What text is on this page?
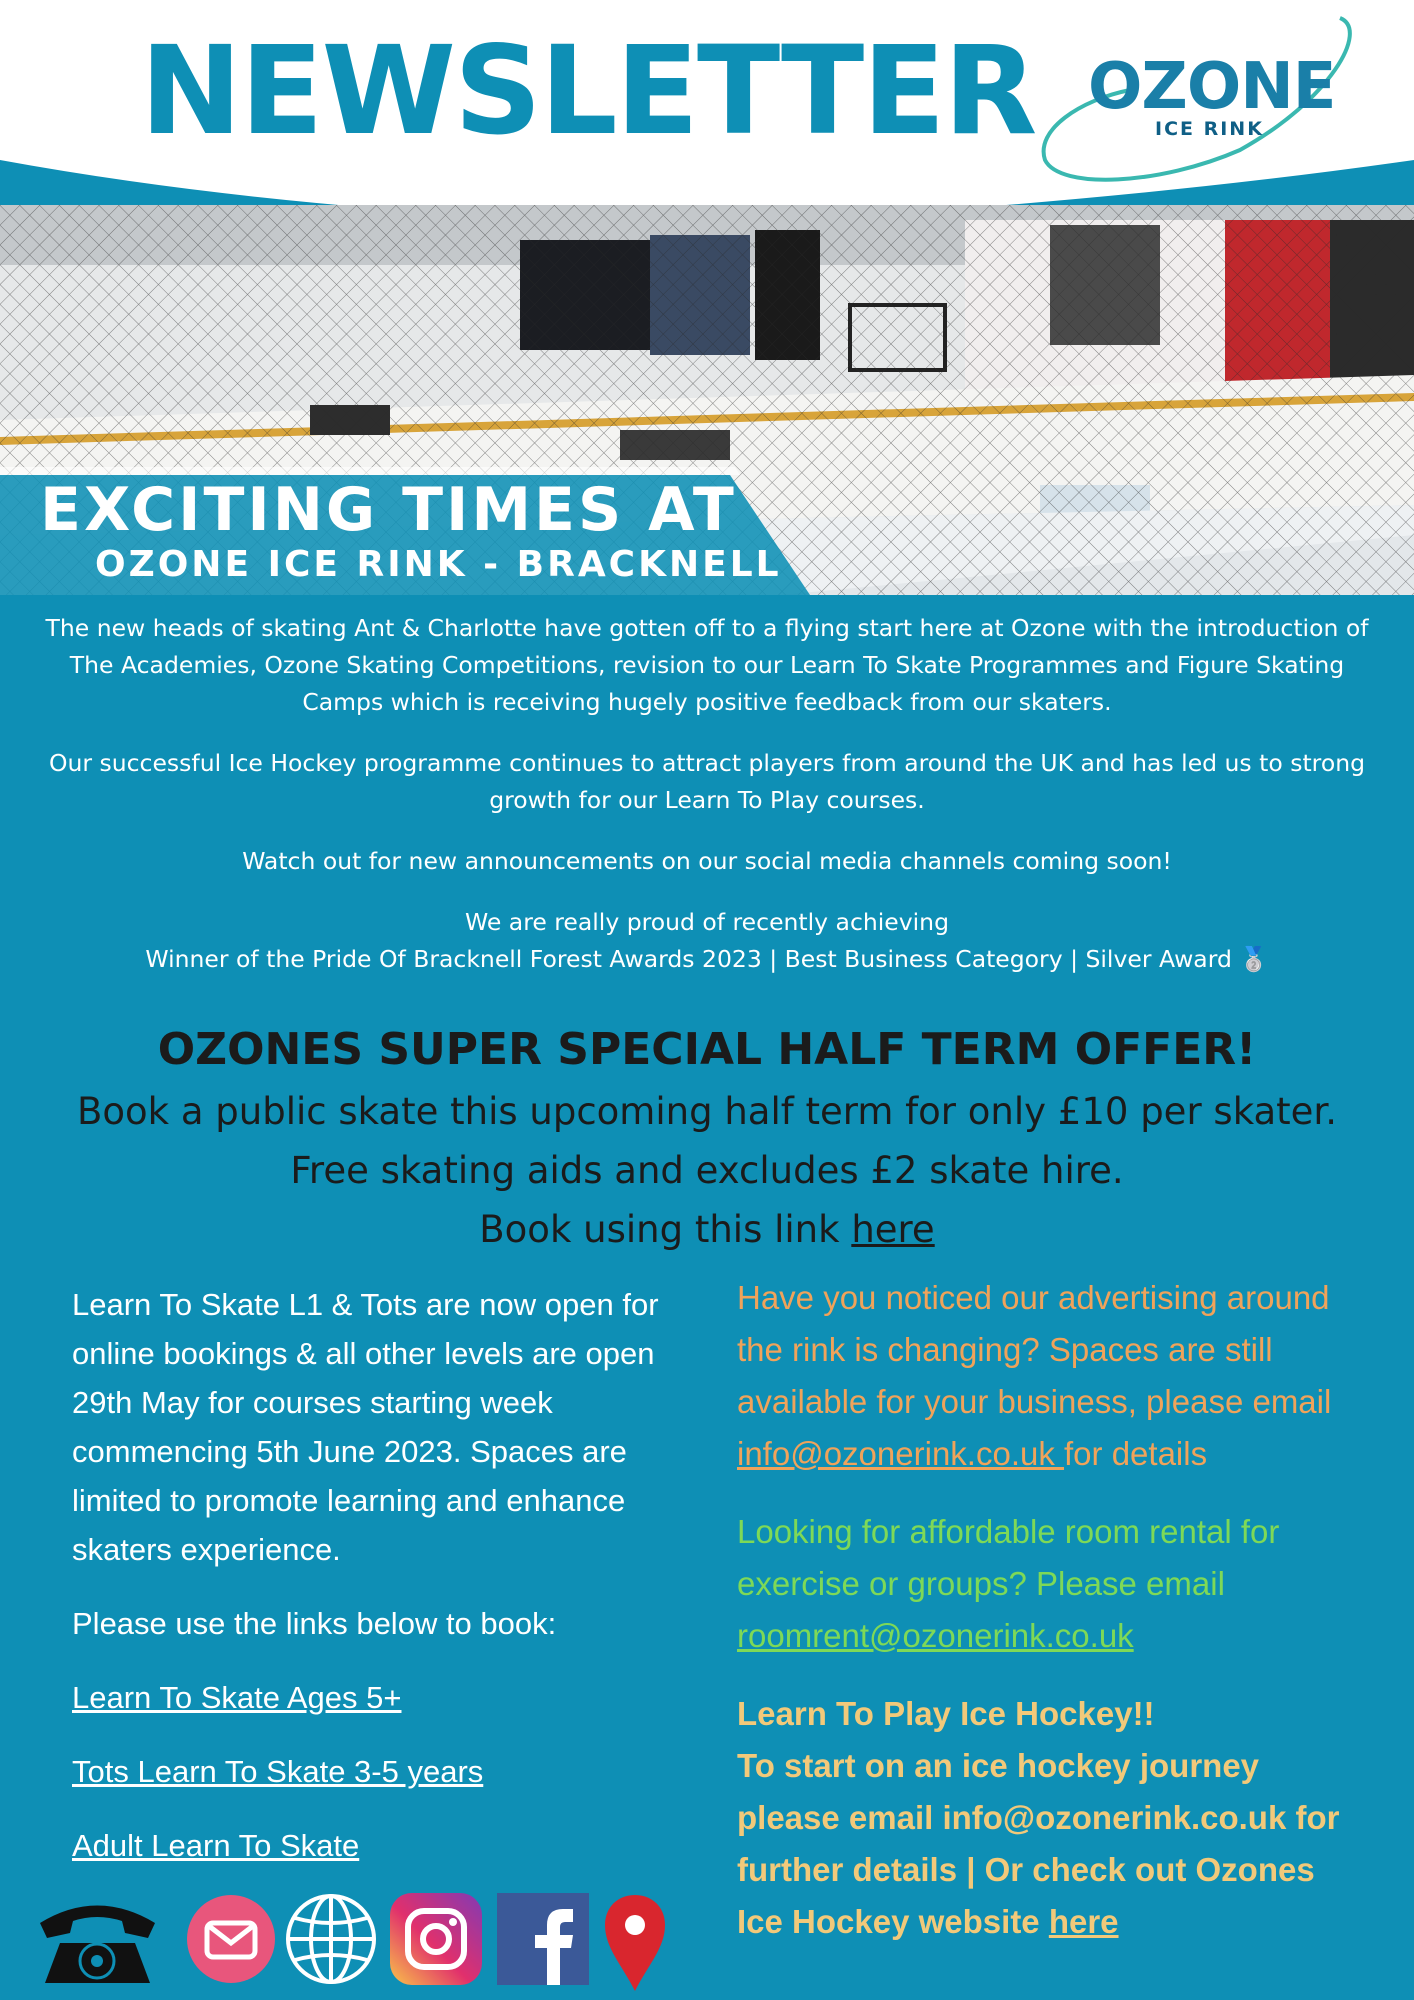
NEWSLETTER OZONE
ICE RINK
EXCITING TIMES AT
OZONE ICE RINK - BRACKNELL

The new heads of skating Ant & Charlotte have gotten off to a flying start here at Ozone with the introduction of The Academies, Ozone Skating Competitions, revision to our Learn To Skate Programmes and Figure Skating Camps which is receiving hugely positive feedback from our skaters.

Our successful Ice Hockey programme continues to attract players from around the UK and has led us to strong growth for our Learn To Play courses.

Watch out for new announcements on our social media channels coming soon!

We are really proud of recently achieving
Winner of the Pride Of Bracknell Forest Awards 2023 | Best Business Category | Silver Award 🥈

OZONES SUPER SPECIAL HALF TERM OFFER!
Book a public skate this upcoming half term for only £10 per skater. Free skating aids and excludes £2 skate hire.
Book using this link here

Learn To Skate L1 & Tots are now open for online bookings & all other levels are open 29th May for courses starting week commencing 5th June 2023. Spaces are limited to promote learning and enhance skaters experience.

Please use the links below to book:

Learn To Skate Ages 5+
Tots Learn To Skate 3-5 years
Adult Learn To Skate

Have you noticed our advertising around the rink is changing? Spaces are still available for your business, please email info@ozonerink.co.uk for details

Looking for affordable room rental for exercise or groups? Please email roomrent@ozonerink.co.uk

Learn To Play Ice Hockey!!
To start on an ice hockey journey please email info@ozonerink.co.uk for further details | Or check out Ozones Ice Hockey website here
